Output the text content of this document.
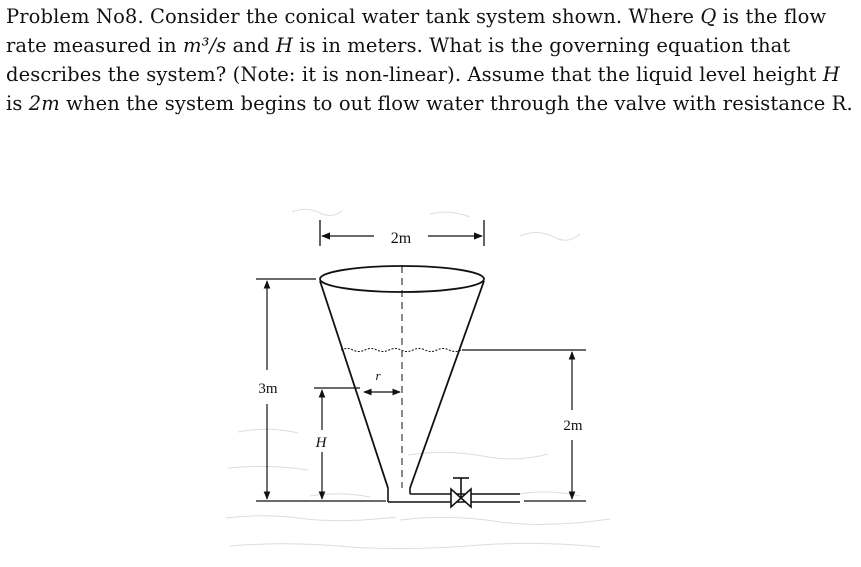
Problem No8. Consider the conical water tank system shown. Where Q is the flow rate measured in m³/s and H is in meters. What is the governing equation that describes the system? (Note: it is non-linear). Assume that the liquid level height H is 2m when the system begins to out flow water through the valve with resistance R.
2m
3m
H
r
2m
